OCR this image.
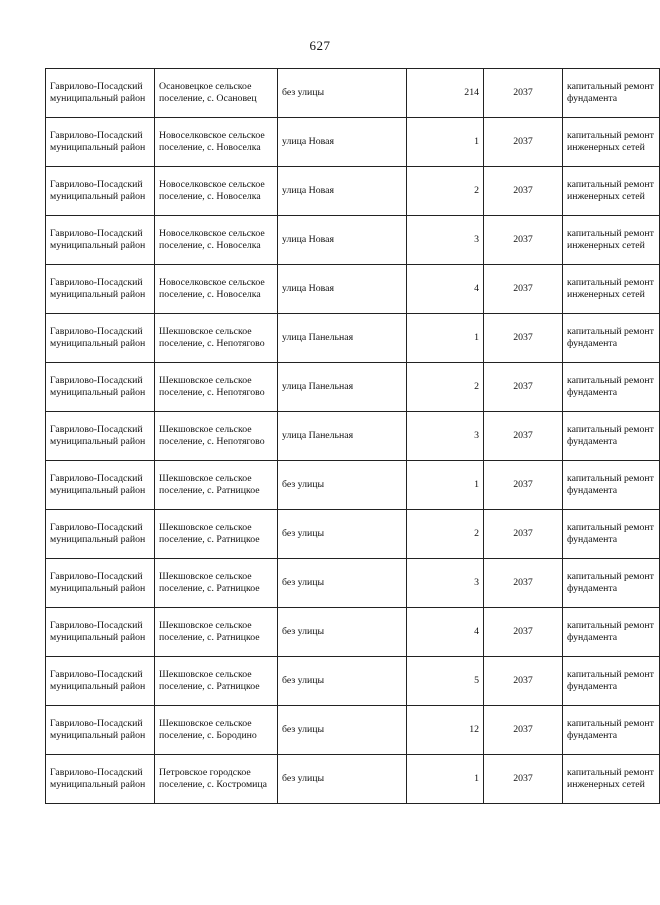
627
Гаврилово-Посадский муниципальный район	Осановецкое сельское поселение, с. Осановец	без улицы	214	2037	капитальный ремонт фундамента
Гаврилово-Посадский муниципальный район	Новоселковское сельское поселение, с. Новоселка	улица Новая	1	2037	капитальный ремонт инженерных сетей
Гаврилово-Посадский муниципальный район	Новоселковское сельское поселение, с. Новоселка	улица Новая	2	2037	капитальный ремонт инженерных сетей
Гаврилово-Посадский муниципальный район	Новоселковское сельское поселение, с. Новоселка	улица Новая	3	2037	капитальный ремонт инженерных сетей
Гаврилово-Посадский муниципальный район	Новоселковское сельское поселение, с. Новоселка	улица Новая	4	2037	капитальный ремонт инженерных сетей
Гаврилово-Посадский муниципальный район	Шекшовское сельское поселение, с. Непотягово	улица Панельная	1	2037	капитальный ремонт фундамента
Гаврилово-Посадский муниципальный район	Шекшовское сельское поселение, с. Непотягово	улица Панельная	2	2037	капитальный ремонт фундамента
Гаврилово-Посадский муниципальный район	Шекшовское сельское поселение, с. Непотягово	улица Панельная	3	2037	капитальный ремонт фундамента
Гаврилово-Посадский муниципальный район	Шекшовское сельское поселение, с. Ратницкое	без улицы	1	2037	капитальный ремонт фундамента
Гаврилово-Посадский муниципальный район	Шекшовское сельское поселение, с. Ратницкое	без улицы	2	2037	капитальный ремонт фундамента
Гаврилово-Посадский муниципальный район	Шекшовское сельское поселение, с. Ратницкое	без улицы	3	2037	капитальный ремонт фундамента
Гаврилово-Посадский муниципальный район	Шекшовское сельское поселение, с. Ратницкое	без улицы	4	2037	капитальный ремонт фундамента
Гаврилово-Посадский муниципальный район	Шекшовское сельское поселение, с. Ратницкое	без улицы	5	2037	капитальный ремонт фундамента
Гаврилово-Посадский муниципальный район	Шекшовское сельское поселение, с. Бородино	без улицы	12	2037	капитальный ремонт фундамента
Гаврилово-Посадский муниципальный район	Петровское городское поселение, с. Костромица	без улицы	1	2037	капитальный ремонт инженерных сетей
